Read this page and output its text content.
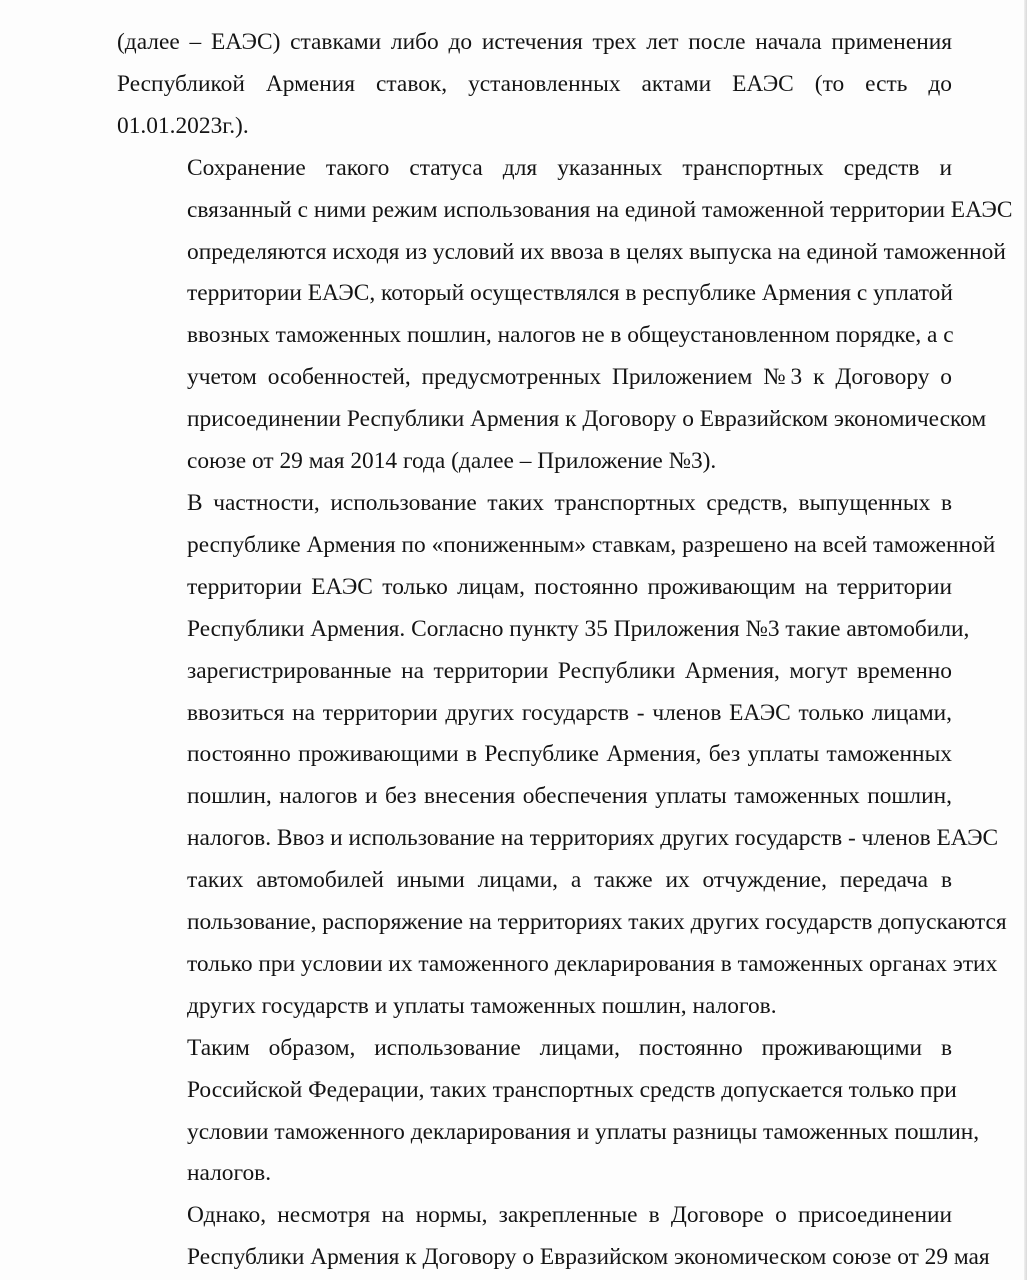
(далее – ЕАЭС) ставками либо до истечения трех лет после начала применения
Республикой Армения ставок, установленных актами ЕАЭС (то есть до
01.01.2023г.).

Сохранение такого статуса для указанных транспортных средств и
связанный с ними режим использования на единой таможенной территории ЕАЭС
определяются исходя из условий их ввоза в целях выпуска на единой таможенной
территории ЕАЭС, который осуществлялся в республике Армения с уплатой
ввозных таможенных пошлин, налогов не в общеустановленном порядке, а с
учетом особенностей, предусмотренных Приложением №3 к Договору о
присоединении Республики Армения к Договору о Евразийском экономическом
союзе от 29 мая 2014 года (далее – Приложение №3).

В частности, использование таких транспортных средств, выпущенных в
республике Армения по «пониженным» ставкам, разрешено на всей таможенной
территории ЕАЭС только лицам, постоянно проживающим на территории
Республики Армения. Согласно пункту 35 Приложения №3 такие автомобили,
зарегистрированные на территории Республики Армения, могут временно
ввозиться на территории других государств - членов ЕАЭС только лицами,
постоянно проживающими в Республике Армения, без уплаты таможенных
пошлин, налогов и без внесения обеспечения уплаты таможенных пошлин,
налогов. Ввоз и использование на территориях других государств - членов ЕАЭС
таких автомобилей иными лицами, а также их отчуждение, передача в
пользование, распоряжение на территориях таких других государств допускаются
только при условии их таможенного декларирования в таможенных органах этих
других государств и уплаты таможенных пошлин, налогов.

Таким образом, использование лицами, постоянно проживающими в
Российской Федерации, таких транспортных средств допускается только при
условии таможенного декларирования и уплаты разницы таможенных пошлин,
налогов.

Однако, несмотря на нормы, закрепленные в Договоре о присоединении
Республики Армения к Договору о Евразийском экономическом союзе от 29 мая
